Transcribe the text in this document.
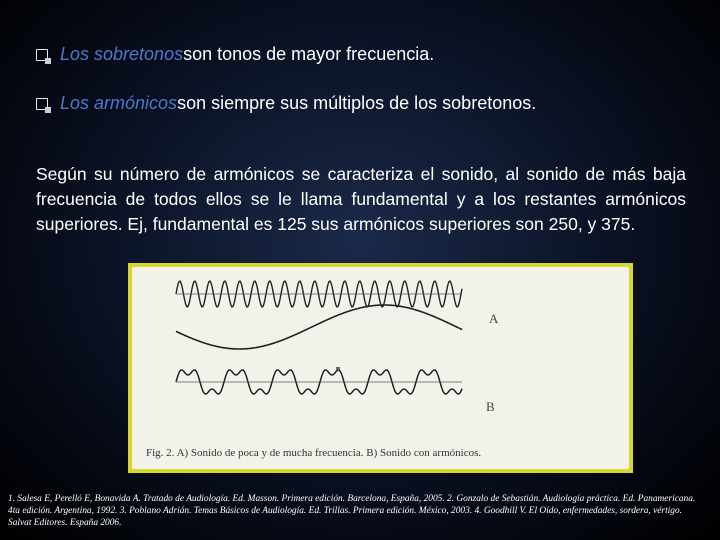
Los sobretonos son tonos de mayor frecuencia.
Los armónicos son siempre sus múltiplos de los sobretonos.

Según su número de armónicos se caracteriza el sonido, al sonido de más baja frecuencia de todos ellos se le llama fundamental y a los restantes armónicos superiores. Ej, fundamental es 125 sus armónicos superiores son 250, y 375.

A
B
Fig. 2. A) Sonido de poca y de mucha frecuencia. B) Sonido con armónicos.

1. Salesa E, Perelló E, Bonavida A. Tratado de Audiología. Ed. Masson. Primera edición. Barcelona, España, 2005. 2. Gonzalo de Sebastián. Audiología práctica. Ed. Panamericana. 4ta edición. Argentina, 1992. 3. Poblano Adrián. Temas Básicos de Audiología. Ed. Trillas. Primera edición. México, 2003. 4. Goodhill V. El Oído, enfermedades, sordera, vértigo. Salvat Editores. España 2006.
